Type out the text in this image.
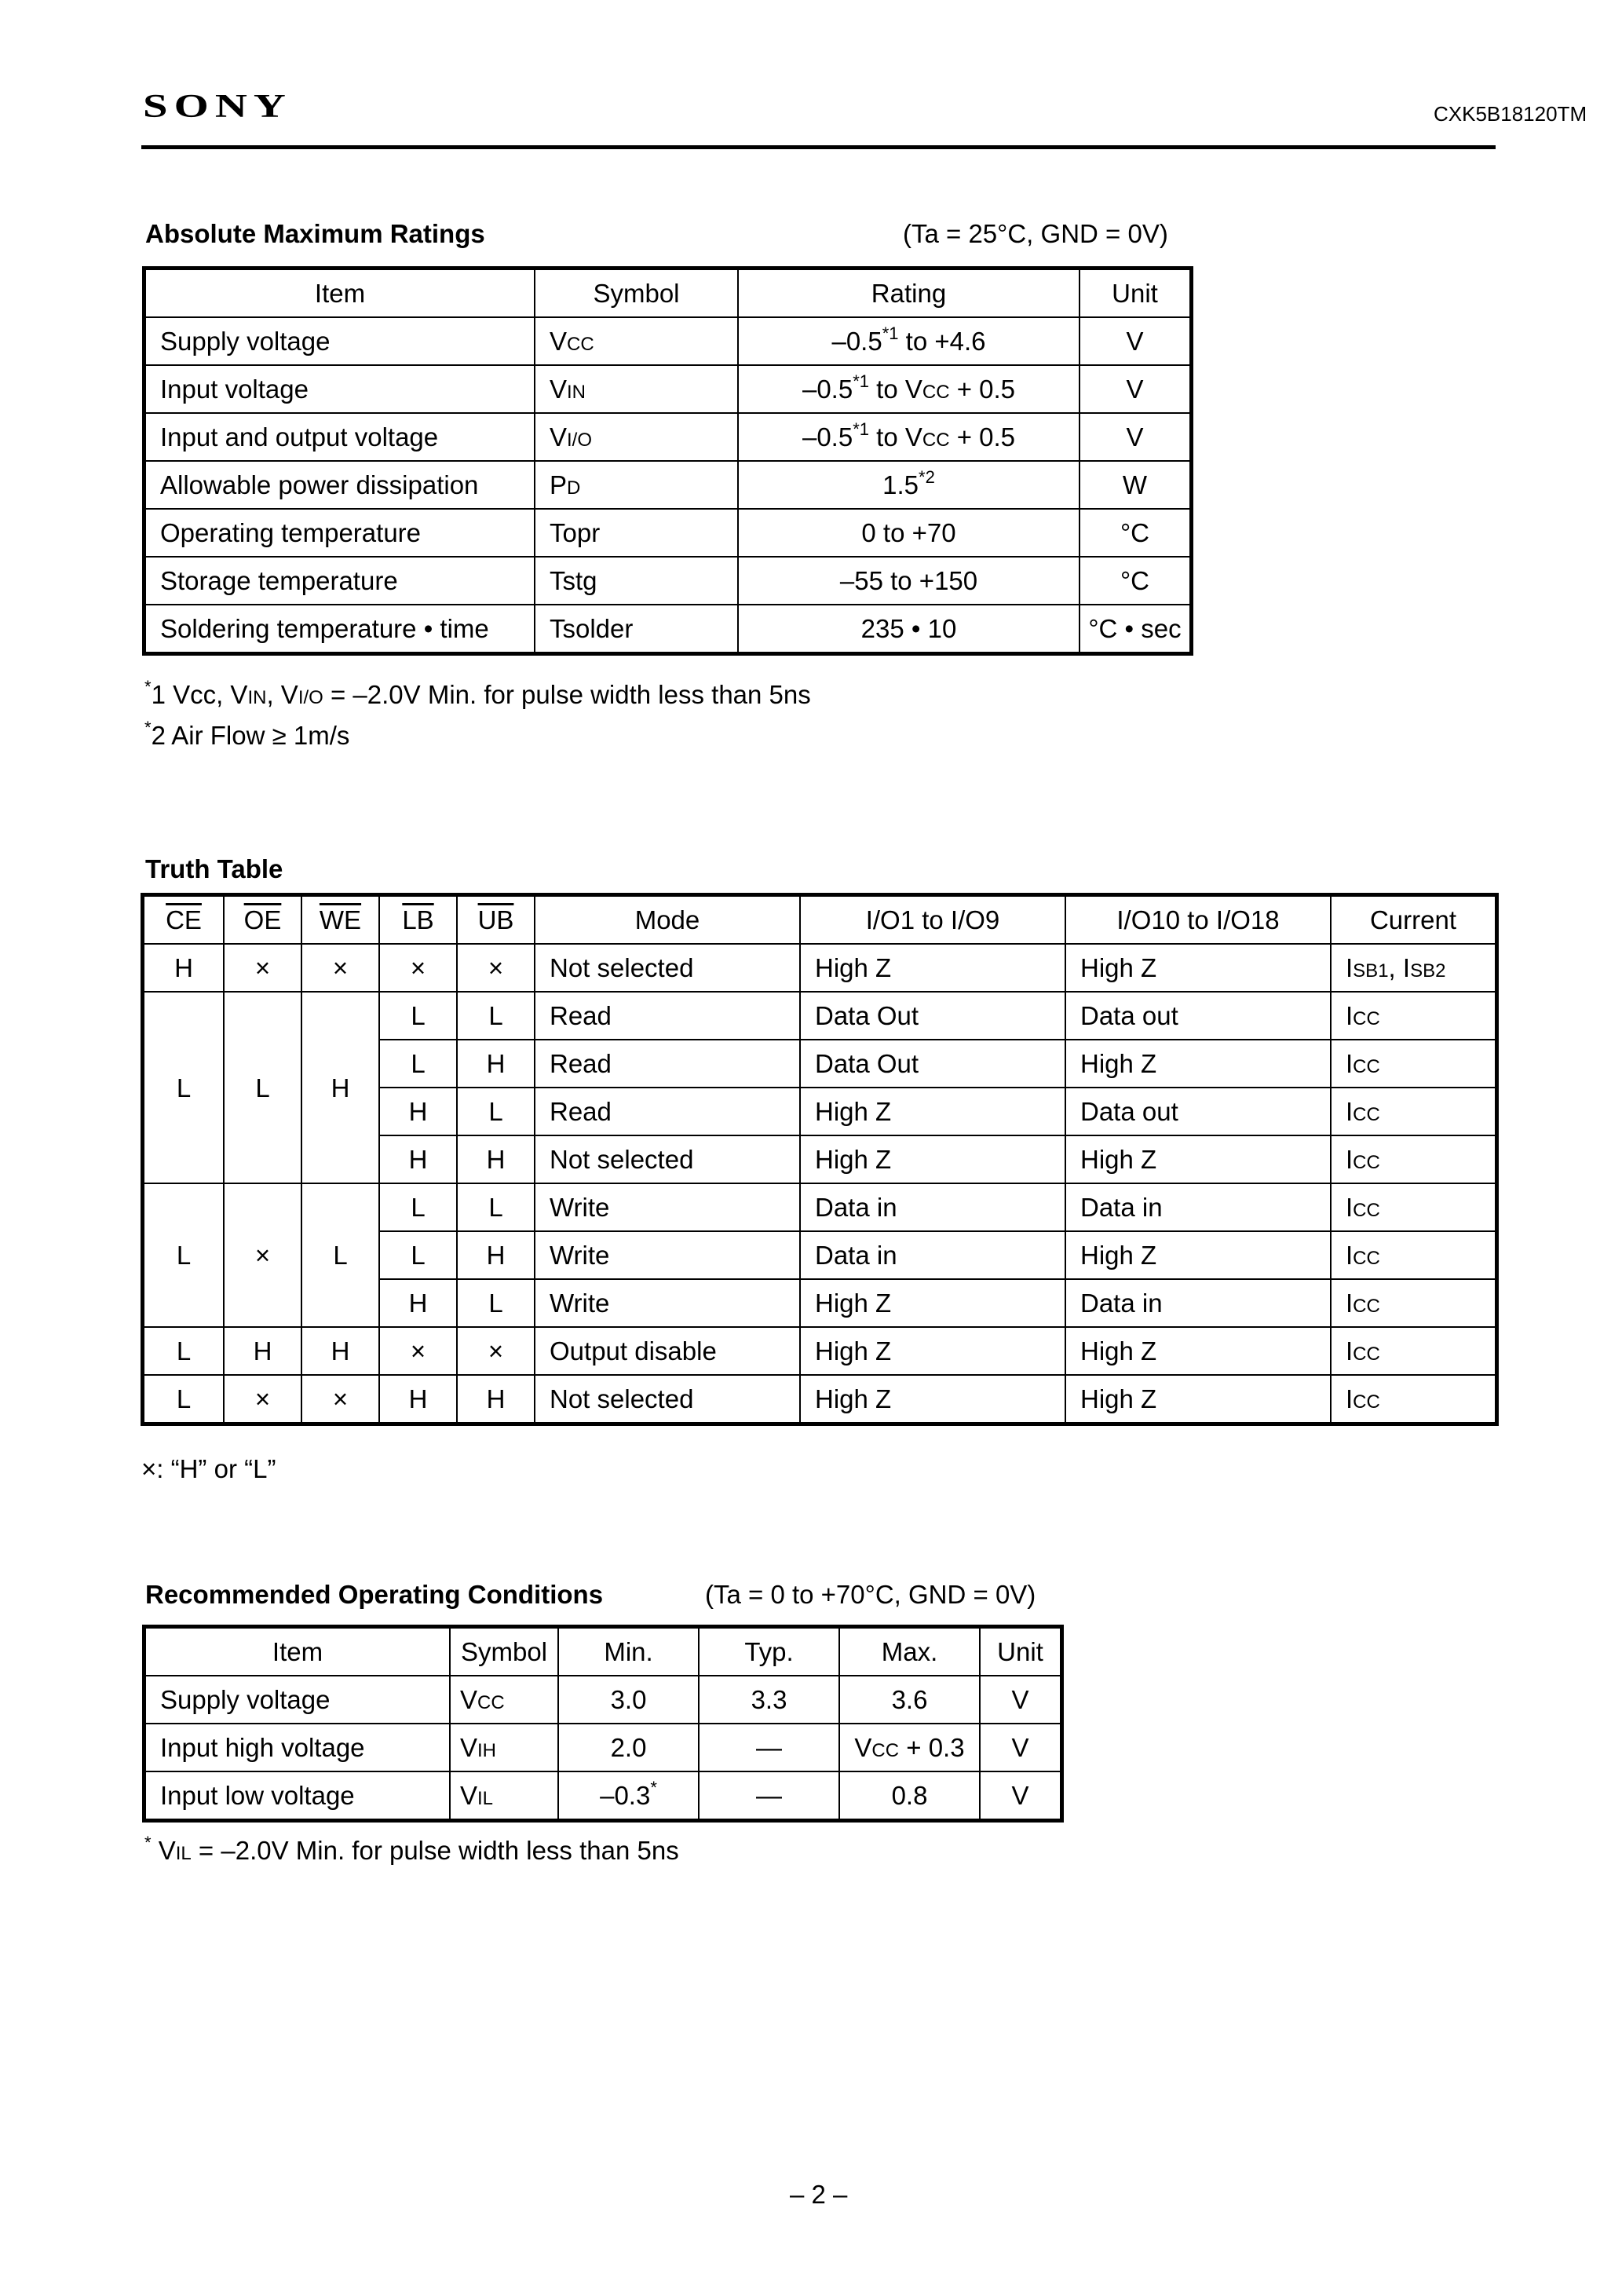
SONY	CXK5B18120TM
Absolute Maximum Ratings	(Ta = 25°C, GND = 0V)
Item	Symbol	Rating	Unit
Supply voltage	VCC	–0.5$^{*1}$ to +4.6	V
Input voltage	VIN	–0.5$^{*1}$ to VCC + 0.5	V
Input and output voltage	VI/O	–0.5$^{*1}$ to VCC + 0.5	V
Allowable power dissipation	PD	1.5$^{*2}$	W
Operating temperature	Topr	0 to +70	°C
Storage temperature	Tstg	–55 to +150	°C
Soldering temperature • time	Tsolder	235 • 10	°C • sec
*1 Vcc, VIN, VI/O = –2.0V Min. for pulse width less than 5ns
*2 Air Flow ≥ 1m/s
Truth Table
$\overline{CE}$	$\overline{OE}$	$\overline{WE}$	$\overline{LB}$	$\overline{UB}$	Mode	I/O1 to I/O9	I/O10 to I/O18	Current
H	×	×	×	×	Not selected	High Z	High Z	ISB1, ISB2
L	L	H	L	L	Read	Data Out	Data out	ICC
			L	H	Read	Data Out	High Z	ICC
			H	L	Read	High Z	Data out	ICC
			H	H	Not selected	High Z	High Z	ICC
L	×	L	L	L	Write	Data in	Data in	ICC
			L	H	Write	Data in	High Z	ICC
			H	L	Write	High Z	Data in	ICC
L	H	H	×	×	Output disable	High Z	High Z	ICC
L	×	×	H	H	Not selected	High Z	High Z	ICC
×: “H” or “L”
Recommended Operating Conditions	(Ta = 0 to +70°C, GND = 0V)
Item	Symbol	Min.	Typ.	Max.	Unit
Supply voltage	VCC	3.0	3.3	3.6	V
Input high voltage	VIH	2.0	—	VCC + 0.3	V
Input low voltage	VIL	–0.3*	—	0.8	V
* VIL = –2.0V Min. for pulse width less than 5ns
– 2 –
